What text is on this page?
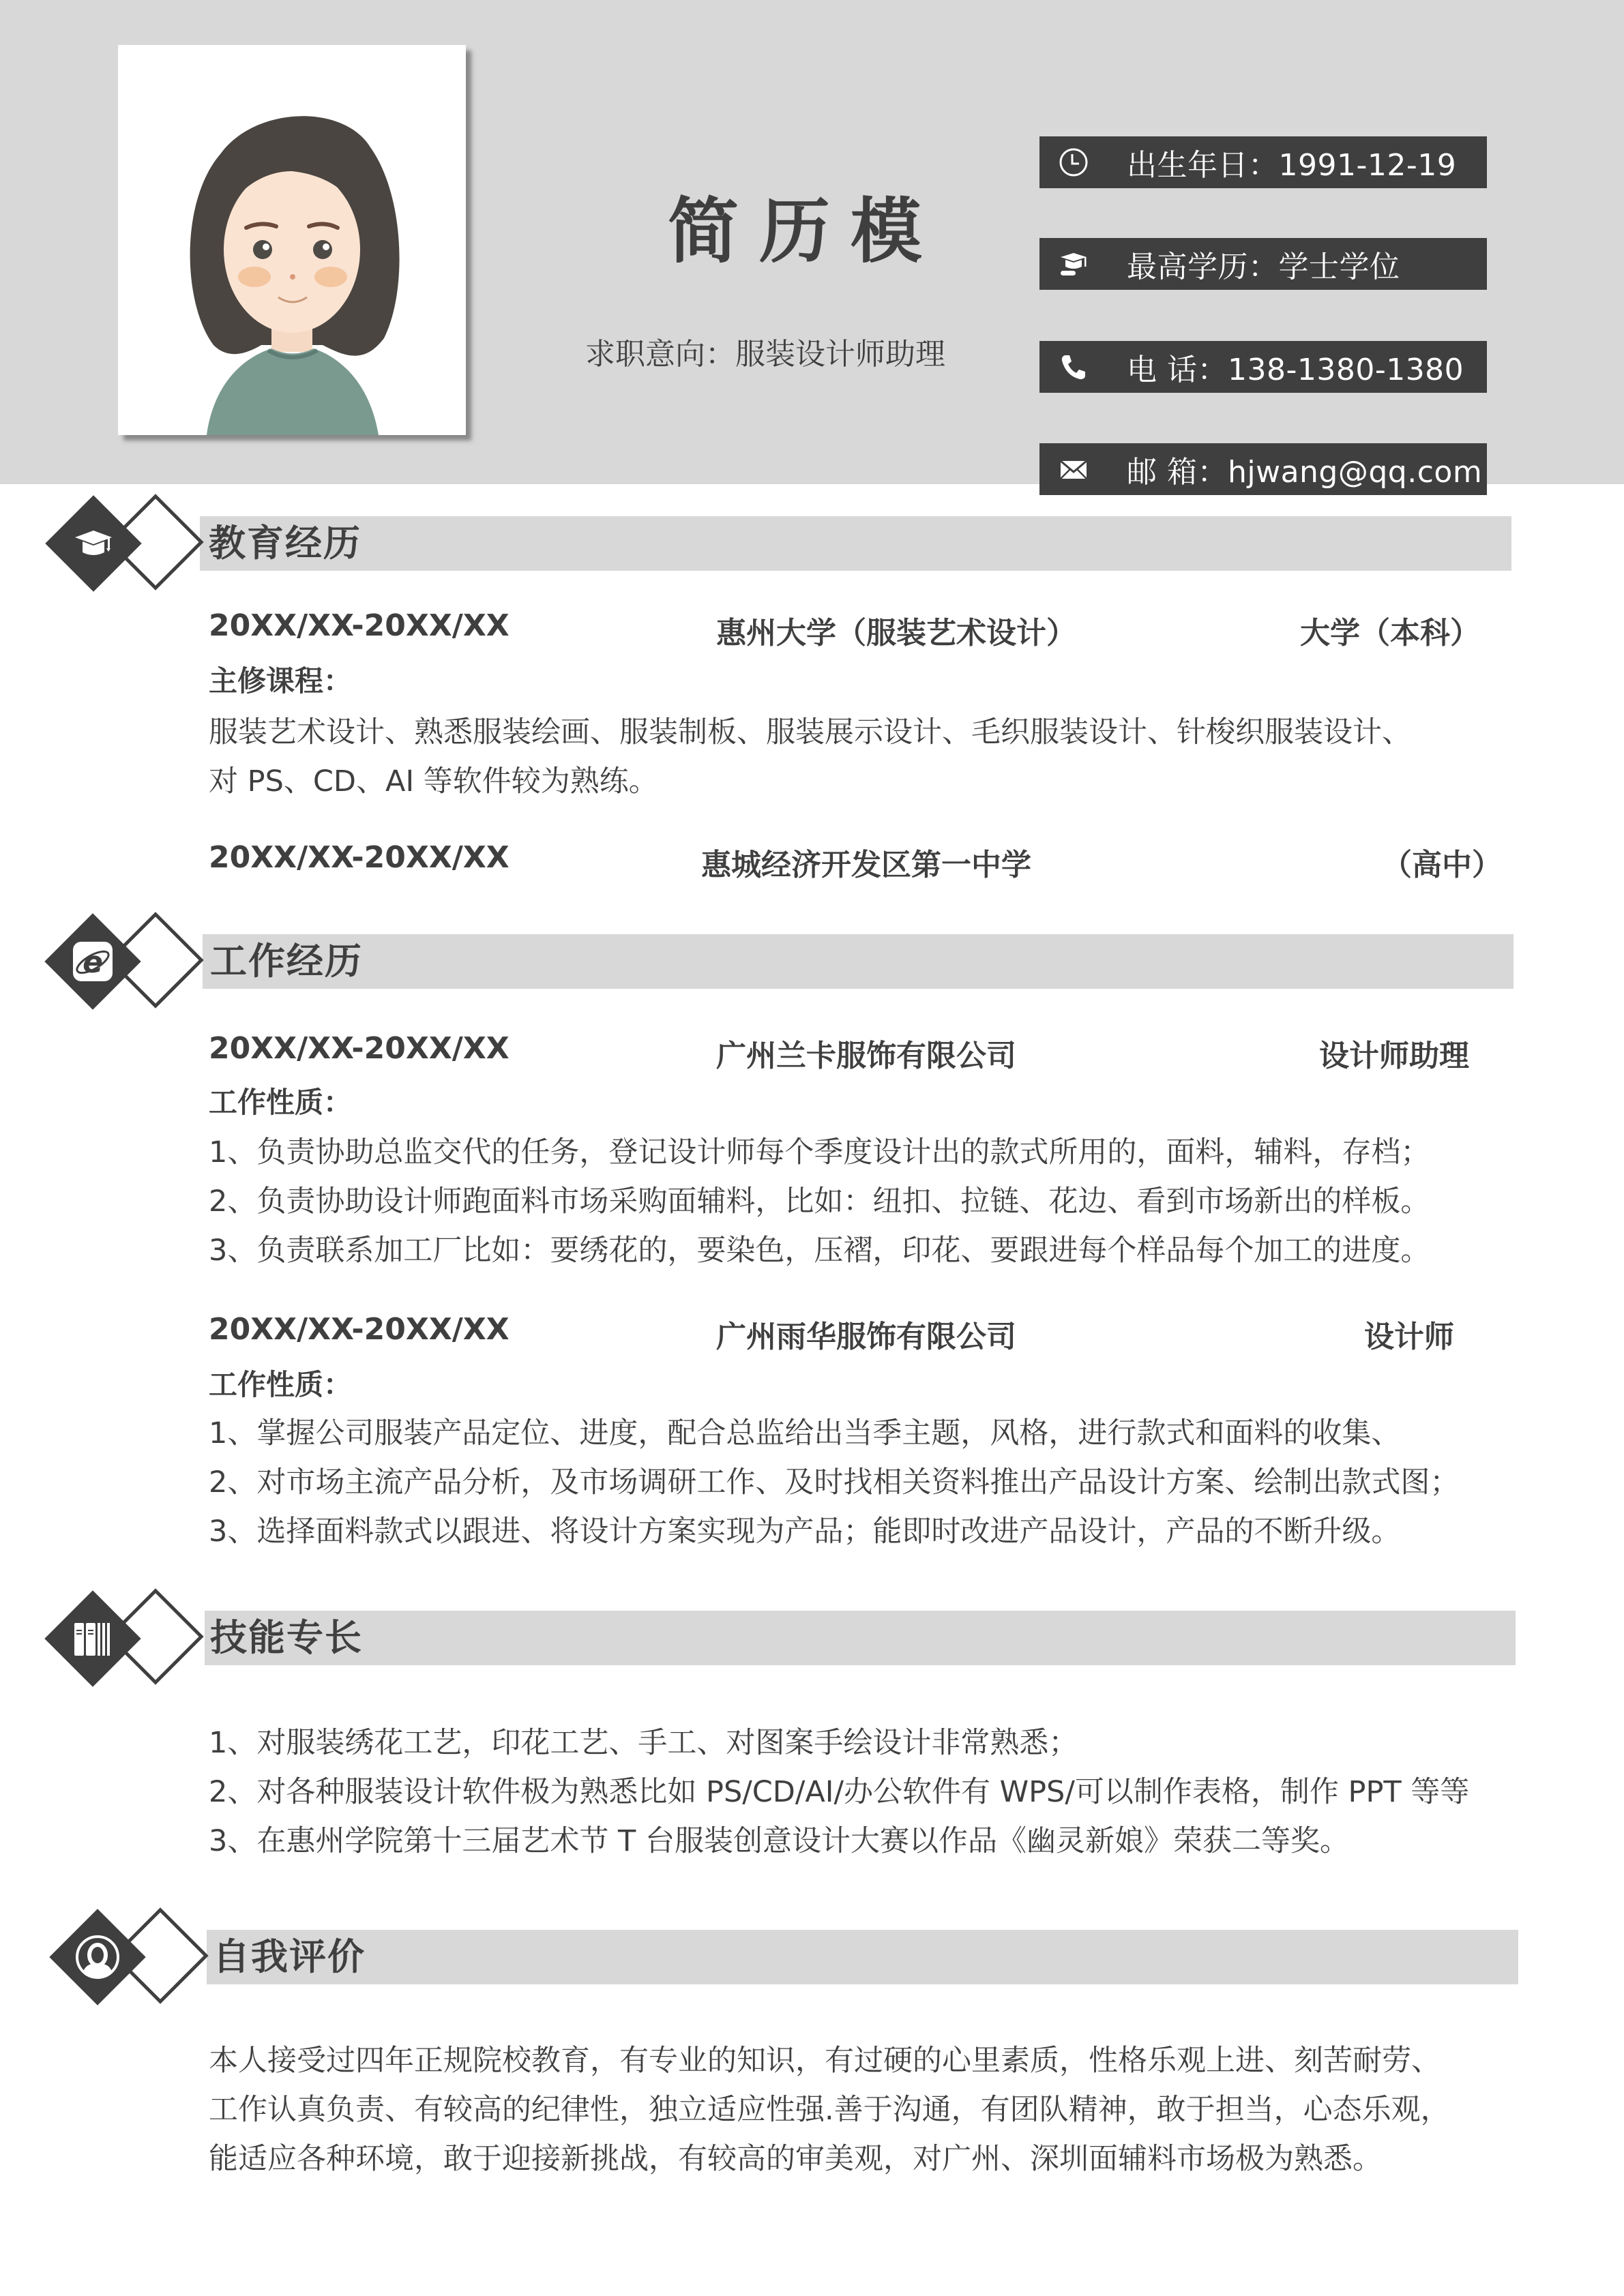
简历模
求职意向：服装设计师助理
出生年日：1991-12-19
最高学历：学士学位
电 话：138-1380-1380
邮 箱：hjwang@qq.com
教育经历
20XX/XX-20XX/XX	惠州大学（服装艺术设计）	大学（本科）
主修课程：
服装艺术设计、熟悉服装绘画、服装制板、服装展示设计、毛织服装设计、针梭织服装设计、
对 PS、CD、AI 等软件较为熟练。
20XX/XX-20XX/XX	惠城经济开发区第一中学	（高中）
e	工作经历
20XX/XX-20XX/XX	广州兰卡服饰有限公司	设计师助理
工作性质：
1、负责协助总监交代的任务，登记设计师每个季度设计出的款式所用的，面料，辅料，存档；
2、负责协助设计师跑面料市场采购面辅料，比如：纽扣、拉链、花边、看到市场新出的样板。
3、负责联系加工厂比如：要绣花的，要染色，压褶，印花、要跟进每个样品每个加工的进度。
20XX/XX-20XX/XX	广州雨华服饰有限公司	设计师
工作性质：
1、掌握公司服装产品定位、进度，配合总监给出当季主题，风格，进行款式和面料的收集、
2、对市场主流产品分析，及市场调研工作、及时找相关资料推出产品设计方案、绘制出款式图；
3、选择面料款式以跟进、将设计方案实现为产品；能即时改进产品设计，产品的不断升级。
技能专长
1、对服装绣花工艺，印花工艺、手工、对图案手绘设计非常熟悉；
2、对各种服装设计软件极为熟悉比如 PS/CD/AI/办公软件有 WPS/可以制作表格，制作 PPT 等等
3、在惠州学院第十三届艺术节 T 台服装创意设计大赛以作品《幽灵新娘》荣获二等奖。
自我评价
本人接受过四年正规院校教育，有专业的知识，有过硬的心里素质，性格乐观上进、刻苦耐劳、
工作认真负责、有较高的纪律性，独立适应性强.善于沟通，有团队精神，敢于担当，心态乐观，
能适应各种环境，敢于迎接新挑战，有较高的审美观，对广州、深圳面辅料市场极为熟悉。
